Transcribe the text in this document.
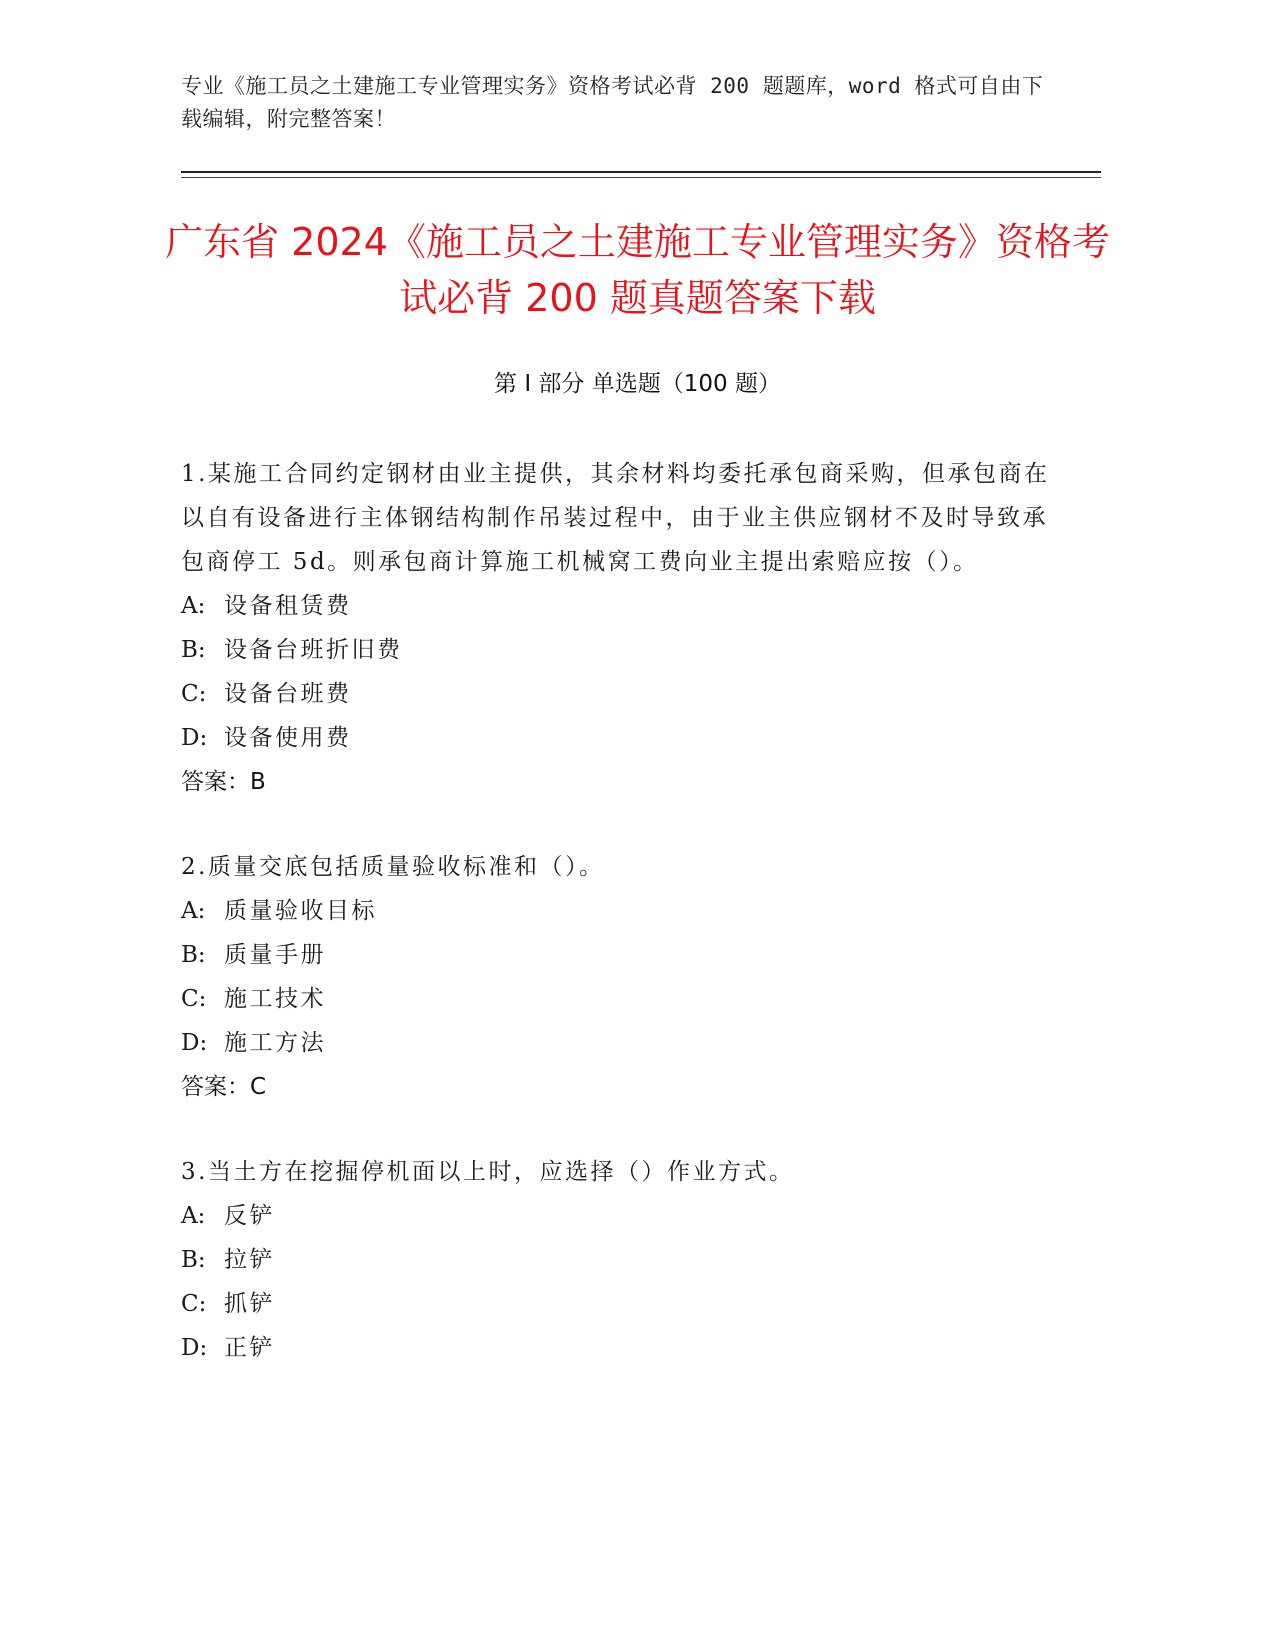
专业《施工员之土建施工专业管理实务》资格考试必背 200 题题库，word 格式可自由下载编辑，附完整答案！
广东省 2024《施工员之土建施工专业管理实务》资格考试必背 200 题真题答案下载
第 I 部分 单选题（100 题）

1.某施工合同约定钢材由业主提供，其余材料均委托承包商采购，但承包商在以自有设备进行主体钢结构制作吊装过程中，由于业主供应钢材不及时导致承包商停工 5d。则承包商计算施工机械窝工费向业主提出索赔应按（）。

A: 设备租赁费
B: 设备台班折旧费
C: 设备台班费
D: 设备使用费
答案：B

2.质量交底包括质量验收标准和（）。

A: 质量验收目标
B: 质量手册
C: 施工技术
D: 施工方法
答案：C

3.当土方在挖掘停机面以上时，应选择（）作业方式。

A: 反铲
B: 拉铲
C: 抓铲
D: 正铲
